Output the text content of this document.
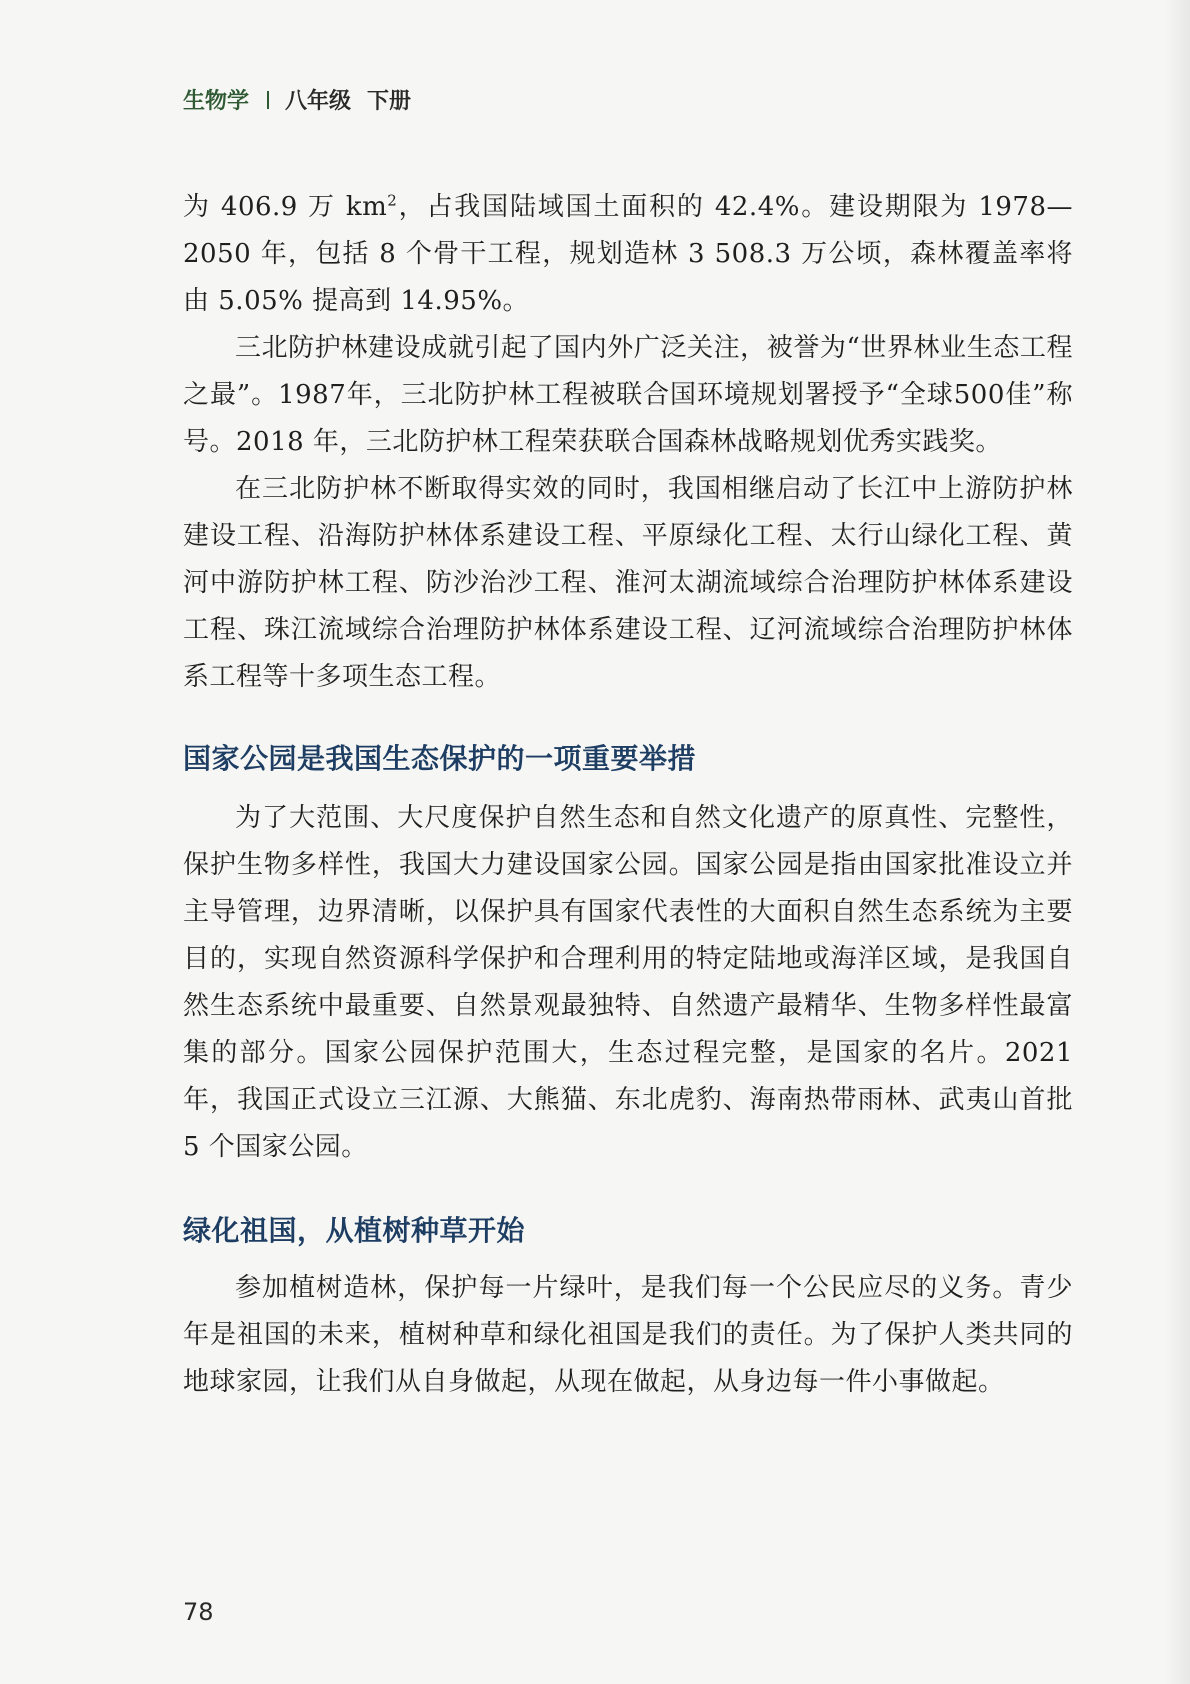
生物学 八年级 下册

为 406.9 万 $km^2$，占我国陆域国土面积的 42.4%。建设期限为 1978—2050 年，包括 8 个骨干工程，规划造林 3 508.3 万公顷，森林覆盖率将由 5.05% 提高到 14.95%。

三北防护林建设成就引起了国内外广泛关注，被誉为“世界林业生态工程之最”。1987年，三北防护林工程被联合国环境规划署授予“全球500佳”称号。2018 年，三北防护林工程荣获联合国森林战略规划优秀实践奖。

在三北防护林不断取得实效的同时，我国相继启动了长江中上游防护林建设工程、沿海防护林体系建设工程、平原绿化工程、太行山绿化工程、黄河中游防护林工程、防沙治沙工程、淮河太湖流域综合治理防护林体系建设工程、珠江流域综合治理防护林体系建设工程、辽河流域综合治理防护林体系工程等十多项生态工程。

国家公园是我国生态保护的一项重要举措

为了大范围、大尺度保护自然生态和自然文化遗产的原真性、完整性，保护生物多样性，我国大力建设国家公园。国家公园是指由国家批准设立并主导管理，边界清晰，以保护具有国家代表性的大面积自然生态系统为主要目的，实现自然资源科学保护和合理利用的特定陆地或海洋区域，是我国自然生态系统中最重要、自然景观最独特、自然遗产最精华、生物多样性最富集的部分。国家公园保护范围大，生态过程完整，是国家的名片。2021 年，我国正式设立三江源、大熊猫、东北虎豹、海南热带雨林、武夷山首批 5 个国家公园。

绿化祖国，从植树种草开始

参加植树造林，保护每一片绿叶，是我们每一个公民应尽的义务。青少年是祖国的未来，植树种草和绿化祖国是我们的责任。为了保护人类共同的地球家园，让我们从自身做起，从现在做起，从身边每一件小事做起。

78
